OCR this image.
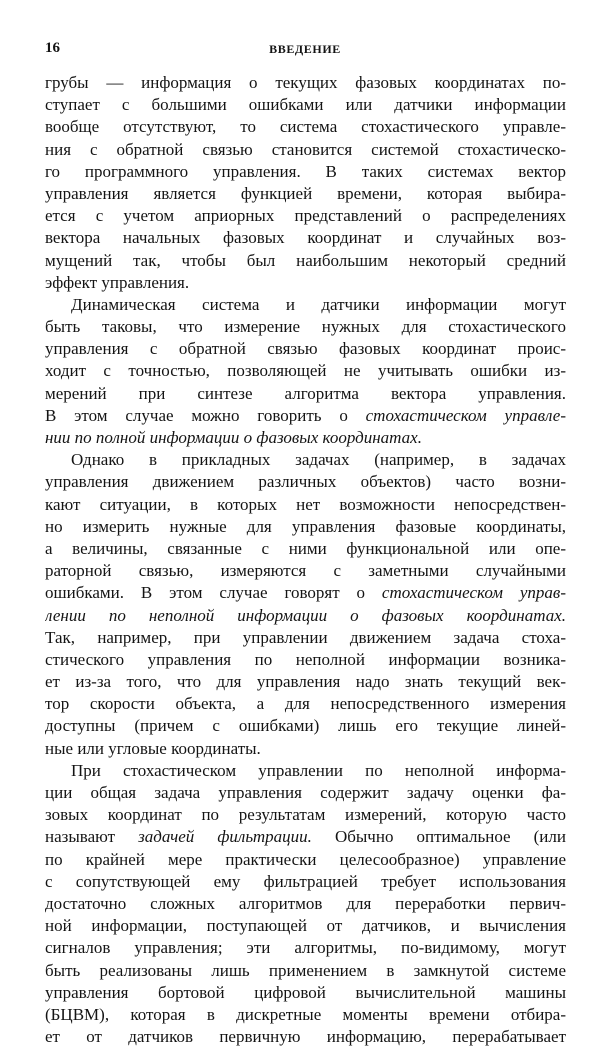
16	ВВЕДЕНИЕ
грубы — информация о текущих фазовых координатах по-
ступает с большими ошибками или датчики информации
вообще отсутствуют, то система стохастического управле-
ния с обратной связью становится системой стохастическо-
го программного управления. В таких системах вектор
управления является функцией времени, которая выбира-
ется с учетом априорных представлений о распределениях
вектора начальных фазовых координат и случайных воз-
мущений так, чтобы был наибольшим некоторый средний
эффект управления.
Динамическая система и датчики информации могут
быть таковы, что измерение нужных для стохастического
управления с обратной связью фазовых координат проис-
ходит с точностью, позволяющей не учитывать ошибки из-
мерений при синтезе алгоритма вектора управления.
В этом случае можно говорить о стохастическом управле-
нии по полной информации о фазовых координатах.
Однако в прикладных задачах (например, в задачах
управления движением различных объектов) часто возни-
кают ситуации, в которых нет возможности непосредствен-
но измерить нужные для управления фазовые координаты,
а величины, связанные с ними функциональной или опе-
раторной связью, измеряются с заметными случайными
ошибками. В этом случае говорят о стохастическом управ-
лении по неполной информации о фазовых координатах.
Так, например, при управлении движением задача стоха-
стического управления по неполной информации возника-
ет из-за того, что для управления надо знать текущий век-
тор скорости объекта, а для непосредственного измерения
доступны (причем с ошибками) лишь его текущие линей-
ные или угловые координаты.
При стохастическом управлении по неполной информа-
ции общая задача управления содержит задачу оценки фа-
зовых координат по результатам измерений, которую часто
называют задачей фильтрации. Обычно оптимальное (или
по крайней мере практически целесообразное) управление
с сопутствующей ему фильтрацией требует использования
достаточно сложных алгоритмов для переработки первич-
ной информации, поступающей от датчиков, и вычисления
сигналов управления; эти алгоритмы, по-видимому, могут
быть реализованы лишь применением в замкнутой системе
управления бортовой цифровой вычислительной машины
(БЦВМ), которая в дискретные моменты времени отбира-
ет от датчиков первичную информацию, перерабатывает
